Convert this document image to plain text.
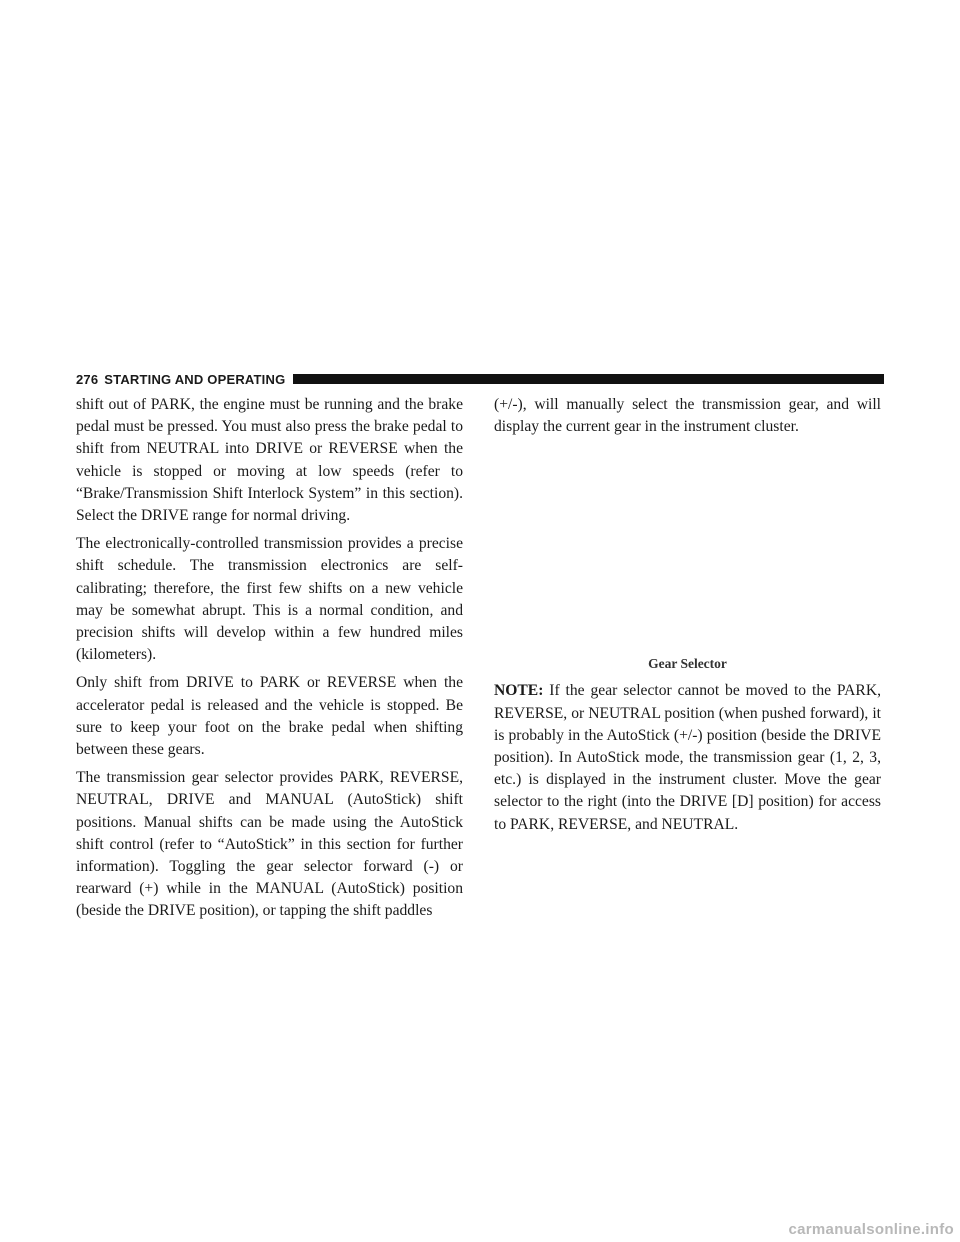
276 STARTING AND OPERATING

shift out of PARK, the engine must be running and the brake pedal must be pressed. You must also press the brake pedal to shift from NEUTRAL into DRIVE or REVERSE when the vehicle is stopped or moving at low speeds (refer to “Brake/Transmission Shift Interlock System” in this section). Select the DRIVE range for normal driving.

The electronically-controlled transmission provides a precise shift schedule. The transmission electronics are self-calibrating; therefore, the first few shifts on a new vehicle may be somewhat abrupt. This is a normal condition, and precision shifts will develop within a few hundred miles (kilometers).

Only shift from DRIVE to PARK or REVERSE when the accelerator pedal is released and the vehicle is stopped. Be sure to keep your foot on the brake pedal when shifting between these gears.

The transmission gear selector provides PARK, REVERSE, NEUTRAL, DRIVE and MANUAL (AutoStick) shift positions. Manual shifts can be made using the AutoStick shift control (refer to “AutoStick” in this section for further information). Toggling the gear selector forward (-) or rearward (+) while in the MANUAL (AutoStick) position (beside the DRIVE position), or tapping the shift paddles

(+/-), will manually select the transmission gear, and will display the current gear in the instrument cluster.

Gear Selector

NOTE: If the gear selector cannot be moved to the PARK, REVERSE, or NEUTRAL position (when pushed forward), it is probably in the AutoStick (+/-) position (beside the DRIVE position). In AutoStick mode, the transmission gear (1, 2, 3, etc.) is displayed in the instrument cluster. Move the gear selector to the right (into the DRIVE [D] position) for access to PARK, REVERSE, and NEUTRAL.

carmanualsonline.info
